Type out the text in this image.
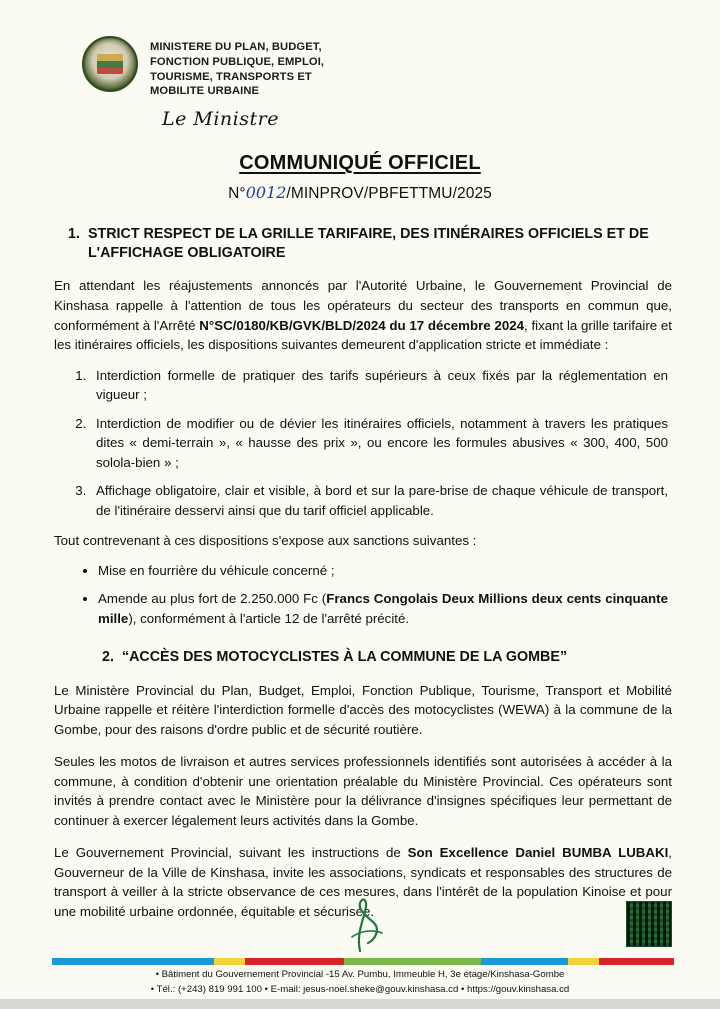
MINISTERE DU PLAN, BUDGET,
FONCTION PUBLIQUE, EMPLOI,
TOURISME, TRANSPORTS ET
MOBILITE URBAINE
Le Ministre
COMMUNIQUÉ OFFICIEL
N°0012/MINPROV/PBFETTMU/2025
1. STRICT RESPECT DE LA GRILLE TARIFAIRE, DES ITINÉRAIRES OFFICIELS ET DE L'AFFICHAGE OBLIGATOIRE

En attendant les réajustements annoncés par l'Autorité Urbaine, le Gouvernement Provincial de Kinshasa rappelle à l'attention de tous les opérateurs du secteur des transports en commun que, conformément à l'Arrêté N°SC/0180/KB/GVK/BLD/2024 du 17 décembre 2024, fixant la grille tarifaire et les itinéraires officiels, les dispositions suivantes demeurent d'application stricte et immédiate :

1. Interdiction formelle de pratiquer des tarifs supérieurs à ceux fixés par la réglementation en vigueur ;
2. Interdiction de modifier ou de dévier les itinéraires officiels, notamment à travers les pratiques dites « demi-terrain », « hausse des prix », ou encore les formules abusives « 300, 400, 500 solola-bien » ;
3. Affichage obligatoire, clair et visible, à bord et sur la pare-brise de chaque véhicule de transport, de l'itinéraire desservi ainsi que du tarif officiel applicable.

Tout contrevenant à ces dispositions s'expose aux sanctions suivantes :

• Mise en fourrière du véhicule concerné ;
• Amende au plus fort de 2.250.000 Fc (Francs Congolais Deux Millions deux cents cinquante mille), conformément à l'article 12 de l'arrêté précité.
2. “ACCÈS DES MOTOCYCLISTES À LA COMMUNE DE LA GOMBE”

Le Ministère Provincial du Plan, Budget, Emploi, Fonction Publique, Tourisme, Transport et Mobilité Urbaine rappelle et réitère l'interdiction formelle d'accès des motocyclistes (WEWA) à la commune de la Gombe, pour des raisons d'ordre public et de sécurité routière.

Seules les motos de livraison et autres services professionnels identifiés sont autorisées à accéder à la commune, à condition d'obtenir une orientation préalable du Ministère Provincial. Ces opérateurs sont invités à prendre contact avec le Ministère pour la délivrance d'insignes spécifiques leur permettant de continuer à exercer légalement leurs activités dans la Gombe.

Le Gouvernement Provincial, suivant les instructions de Son Excellence Daniel BUMBA LUBAKI, Gouverneur de la Ville de Kinshasa, invite les associations, syndicats et responsables des structures de transport à veiller à la stricte observance de ces mesures, dans l'intérêt de la population Kinoise et pour une mobilité urbaine ordonnée, équitable et sécurisée.

• Bâtiment du Gouvernement Provincial -15 Av. Pumbu, Immeuble H, 3e étage/Kinshasa-Gombe
• Tél.: (+243) 819 991 100 • E-mail: jesus-noel.sheke@gouv.kinshasa.cd • https://gouv.kinshasa.cd
